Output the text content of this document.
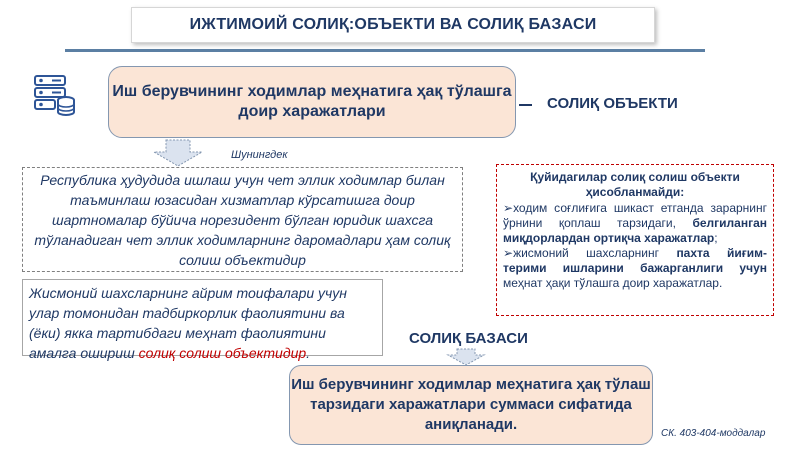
ИЖТИМОИЙ СОЛИҚ:ОБЪЕКТИ ВА СОЛИҚ БАЗАСИ
Иш берувчининг ходимлар меҳнатига ҳақ тўлашга доир харажатлари	СОЛИҚ ОБЪЕКТИ
Шунингдек
Республика ҳудудида ишлаш учун чет эллик ходимлар билан таъминлаш юзасидан хизматлар кўрсатишга доир шартномалар бўйича норезидент бўлган юридик шахсга тўланадиган чет эллик ходимларнинг даромадлари ҳам солиқ солиш объектидир
Жисмоний шахсларнинг айрим тоифалари учун улар томонидан тадбиркорлик фаолиятини ва (ёки) якка тартибдаги меҳнат фаолиятини амалга ошириш солиқ солиш объектидир.
Қуйидагилар солиқ солиш объекти ҳисобланмайди:

➢ходим соғлиғига шикаст етганда зарарнинг ўрнини қоплаш тарзидаги, белгиланган миқдорлардан ортиқча харажатлар;

➢жисмоний шахсларнинг пахта йиғим-терими ишларини бажарганлиги учун меҳнат ҳақи тўлашга доир харажатлар.

СОЛИҚ БАЗАСИ
Иш берувчининг ходимлар меҳнатига ҳақ тўлаш тарзидаги харажатлари суммаси сифатида аниқланади.
СК. 403-404-моддалар
